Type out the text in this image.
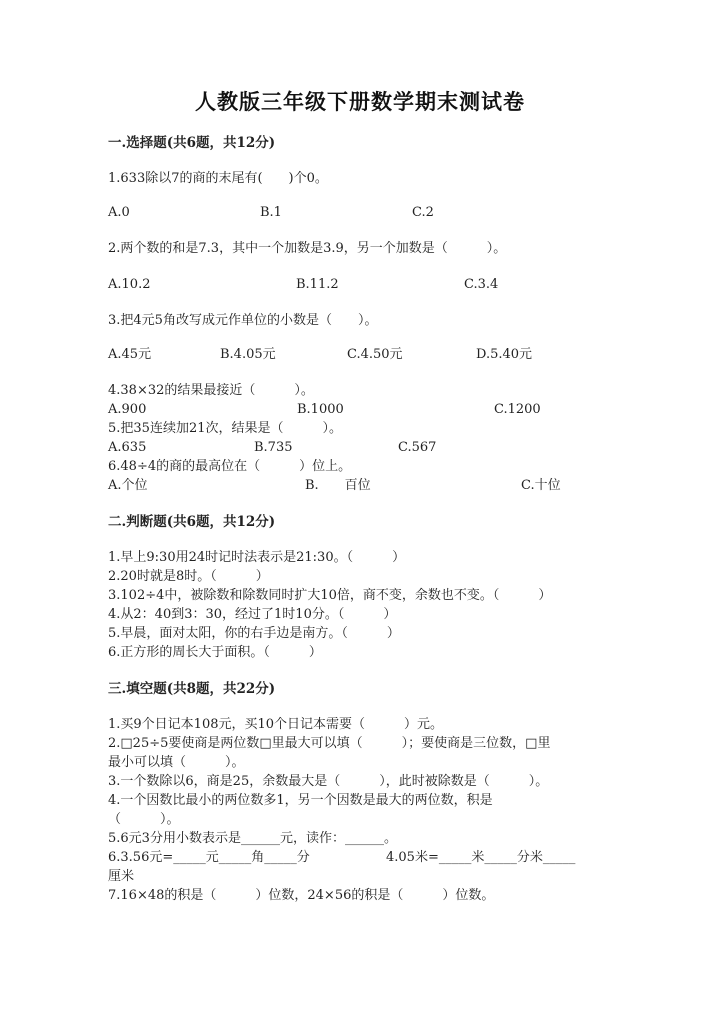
人教版三年级下册数学期末测试卷
一.选择题(共6题，共12分)
1.633除以7的商的末尾有(　　)个0。
A.0	B.1	C.2
2.两个数的和是7.3，其中一个加数是3.9，另一个加数是（　　　）。
A.10.2	B.11.2	C.3.4
3.把4元5角改写成元作单位的小数是（　　）。
A.45元	B.4.05元	C.4.50元	D.5.40元
4.38×32的结果最接近（　　　）。
A.900	B.1000	C.1200
5.把35连续加21次，结果是（　　　）。
A.635	B.735	C.567
6.48÷4的商的最高位在（　　　）位上。
A.个位	B.　　百位	C.十位
二.判断题(共6题，共12分)
1.早上9:30用24时记时法表示是21:30。（　　　）
2.20时就是8时。（　　　）
3.102÷4中，被除数和除数同时扩大10倍，商不变，余数也不变。（　　　）
4.从2：40到3：30，经过了1时10分。（　　　）
5.早晨，面对太阳，你的右手边是南方。（　　　）
6.正方形的周长大于面积。（　　　）
三.填空题(共8题，共22分)
1.买9个日记本108元，买10个日记本需要（　　　）元。
2.□25÷5要使商是两位数□里最大可以填（　　　）；要使商是三位数，□里
最小可以填（　　　）。
3.一个数除以6，商是25，余数最大是（　　　），此时被除数是（　　　）。
4.一个因数比最小的两位数多1，另一个因数是最大的两位数，积是
（　　　）。
5.6元3分用小数表示是______元，读作：______。
6.3.56元=_____元_____角_____分	4.05米=_____米_____分米_____
厘米
7.16×48的积是（　　　）位数，24×56的积是（　　　）位数。
